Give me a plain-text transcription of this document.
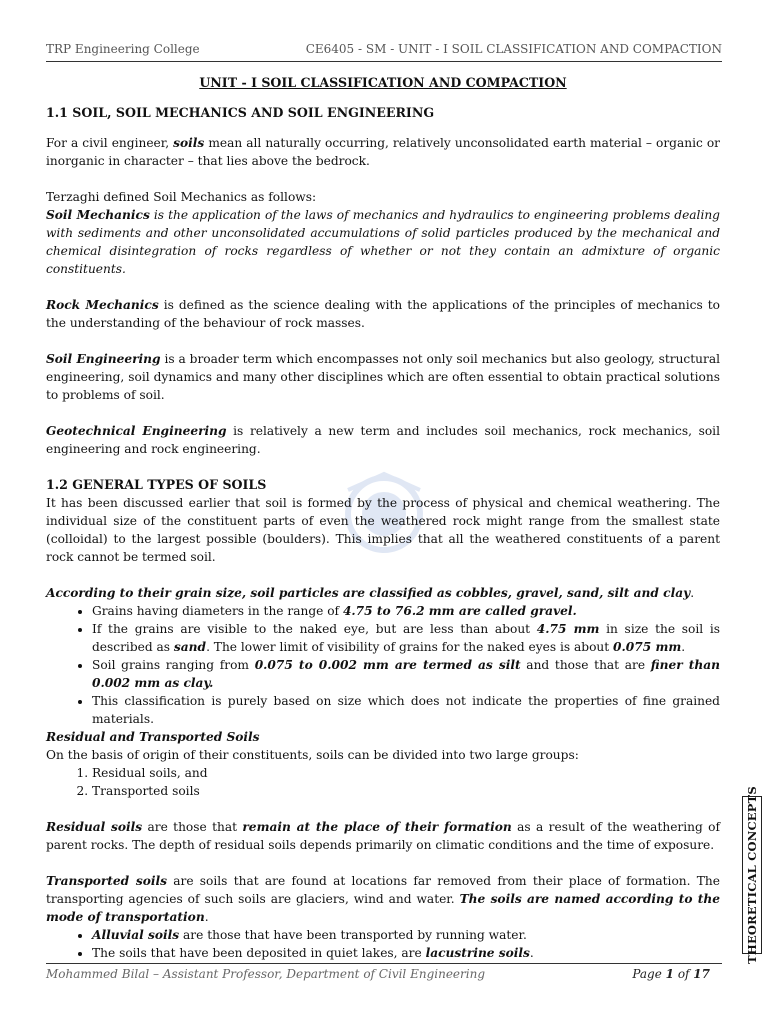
TRP Engineering College	CE6405 - SM - UNIT - I SOIL CLASSIFICATION AND COMPACTION

UNIT - I SOIL CLASSIFICATION AND COMPACTION

1.1 SOIL, SOIL MECHANICS AND SOIL ENGINEERING

For a civil engineer, soils mean all naturally occurring, relatively unconsolidated earth material – organic or inorganic in character – that lies above the bedrock.

Terzaghi defined Soil Mechanics as follows:

Soil Mechanics is the application of the laws of mechanics and hydraulics to engineering problems dealing with sediments and other unconsolidated accumulations of solid particles produced by the mechanical and chemical disintegration of rocks regardless of whether or not they contain an admixture of organic constituents.

Rock Mechanics is defined as the science dealing with the applications of the principles of mechanics to the understanding of the behaviour of rock masses.

Soil Engineering is a broader term which encompasses not only soil mechanics but also geology, structural engineering, soil dynamics and many other disciplines which are often essential to obtain practical solutions to problems of soil.

Geotechnical Engineering is relatively a new term and includes soil mechanics, rock mechanics, soil engineering and rock engineering.

1.2 GENERAL TYPES OF SOILS

It has been discussed earlier that soil is formed by the process of physical and chemical weathering. The individual size of the constituent parts of even the weathered rock might range from the smallest state (colloidal) to the largest possible (boulders). This implies that all the weathered constituents of a parent rock cannot be termed soil.

According to their grain size, soil particles are classified as cobbles, gravel, sand, silt and clay.

• Grains having diameters in the range of 4.75 to 76.2 mm are called gravel.
• If the grains are visible to the naked eye, but are less than about 4.75 mm in size the soil is described as sand. The lower limit of visibility of grains for the naked eyes is about 0.075 mm.
• Soil grains ranging from 0.075 to 0.002 mm are termed as silt and those that are finer than 0.002 mm as clay.
• This classification is purely based on size which does not indicate the properties of fine grained materials.

Residual and Transported Soils

On the basis of origin of their constituents, soils can be divided into two large groups:

1. Residual soils, and
2. Transported soils

Residual soils are those that remain at the place of their formation as a result of the weathering of parent rocks. The depth of residual soils depends primarily on climatic conditions and the time of exposure.

Transported soils are soils that are found at locations far removed from their place of formation. The transporting agencies of such soils are glaciers, wind and water. The soils are named according to the mode of transportation.

• Alluvial soils are those that have been transported by running water.
• The soils that have been deposited in quiet lakes, are lacustrine soils.	THEORETICAL CONCEPTS
Mohammed Bilal – Assistant Professor, Department of Civil Engineering	Page 1 of 17
